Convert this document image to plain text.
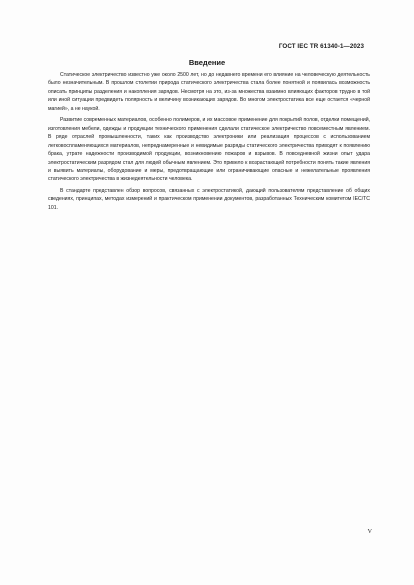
ГОСТ IEC TR 61340-1—2023
Введение

Статическое электричество известно уже около 2500 лет, но до недавнего времени его влияние на человеческую деятельность было незначительным. В прошлом столетии природа статического электричества стала более понятной и появилась возможность описать принципы разделения и накопления зарядов. Несмотря на это, из-за множества взаимно влияющих факторов трудно в той или иной ситуации предвидеть полярность и величину возникающих зарядов. Во многом электростатика все еще остается «черной магией», а не наукой.

Развитие современных материалов, особенно полимеров, и их массовое применение для покрытий полов, отделки помещений, изготовления мебели, одежды и продукции технического применения сделали статическое электричество повсеместным явлением. В ряде отраслей промышленности, таких как производство электроники или реализация процессов с использованием легковоспламеняющихся материалов, непреднамеренные и невидимые разряды статического электричества приводят к появлению брака, утрате надежности производимой продукции, возникновению пожаров и взрывов. В повседневной жизни опыт удара электростатическим разрядом стал для людей обычным явлением. Это привело к возрастающей потребности понять такие явления и выявить материалы, оборудование и меры, предотвращающие или ограничивающие опасные и нежелательные проявления статического электричества в жизнедеятельности человека.

В стандарте представлен обзор вопросов, связанных с электростатикой, дающий пользователям представление об общих сведениях, принципах, методах измерений и практическом применении документов, разработанных Техническим комитетом IEC/TC 101.

V
